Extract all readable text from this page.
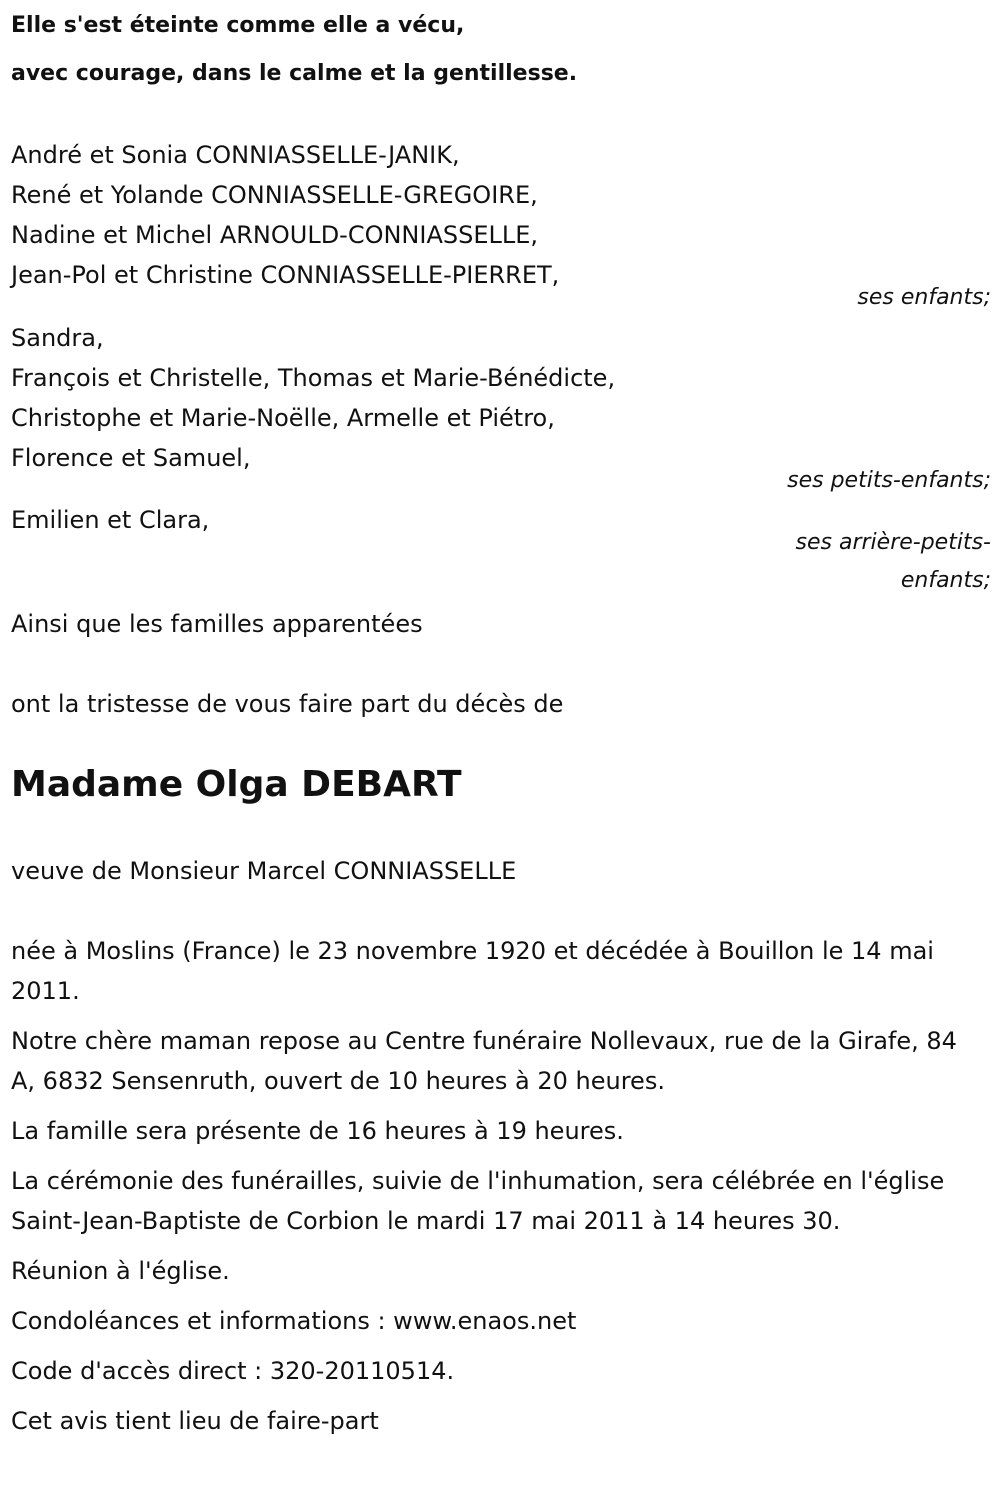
Elle s'est éteinte comme elle a vécu,

avec courage, dans le calme et la gentillesse.

André et Sonia CONNIASSELLE-JANIK,
René et Yolande CONNIASSELLE-GREGOIRE,
Nadine et Michel ARNOULD-CONNIASSELLE,
Jean-Pol et Christine CONNIASSELLE-PIERRET,
ses enfants;
Sandra,
François et Christelle, Thomas et Marie-Bénédicte,
Christophe et Marie-Noëlle, Armelle et Piétro,
Florence et Samuel,
ses petits-enfants;
Emilien et Clara,
ses arrière-petits-
enfants;
Ainsi que les familles apparentées
ont la tristesse de vous faire part du décès de
Madame Olga DEBART
veuve de Monsieur Marcel CONNIASSELLE

née à Moslins (France) le 23 novembre 1920 et décédée à Bouillon le 14 mai 2011.

Notre chère maman repose au Centre funéraire Nollevaux, rue de la Girafe, 84 A, 6832 Sensenruth, ouvert de 10 heures à 20 heures.

La famille sera présente de 16 heures à 19 heures.

La cérémonie des funérailles, suivie de l'inhumation, sera célébrée en l'église Saint-Jean-Baptiste de Corbion le mardi 17 mai 2011 à 14 heures 30.

Réunion à l'église.

Condoléances et informations : www.enaos.net

Code d'accès direct : 320-20110514.

Cet avis tient lieu de faire-part
